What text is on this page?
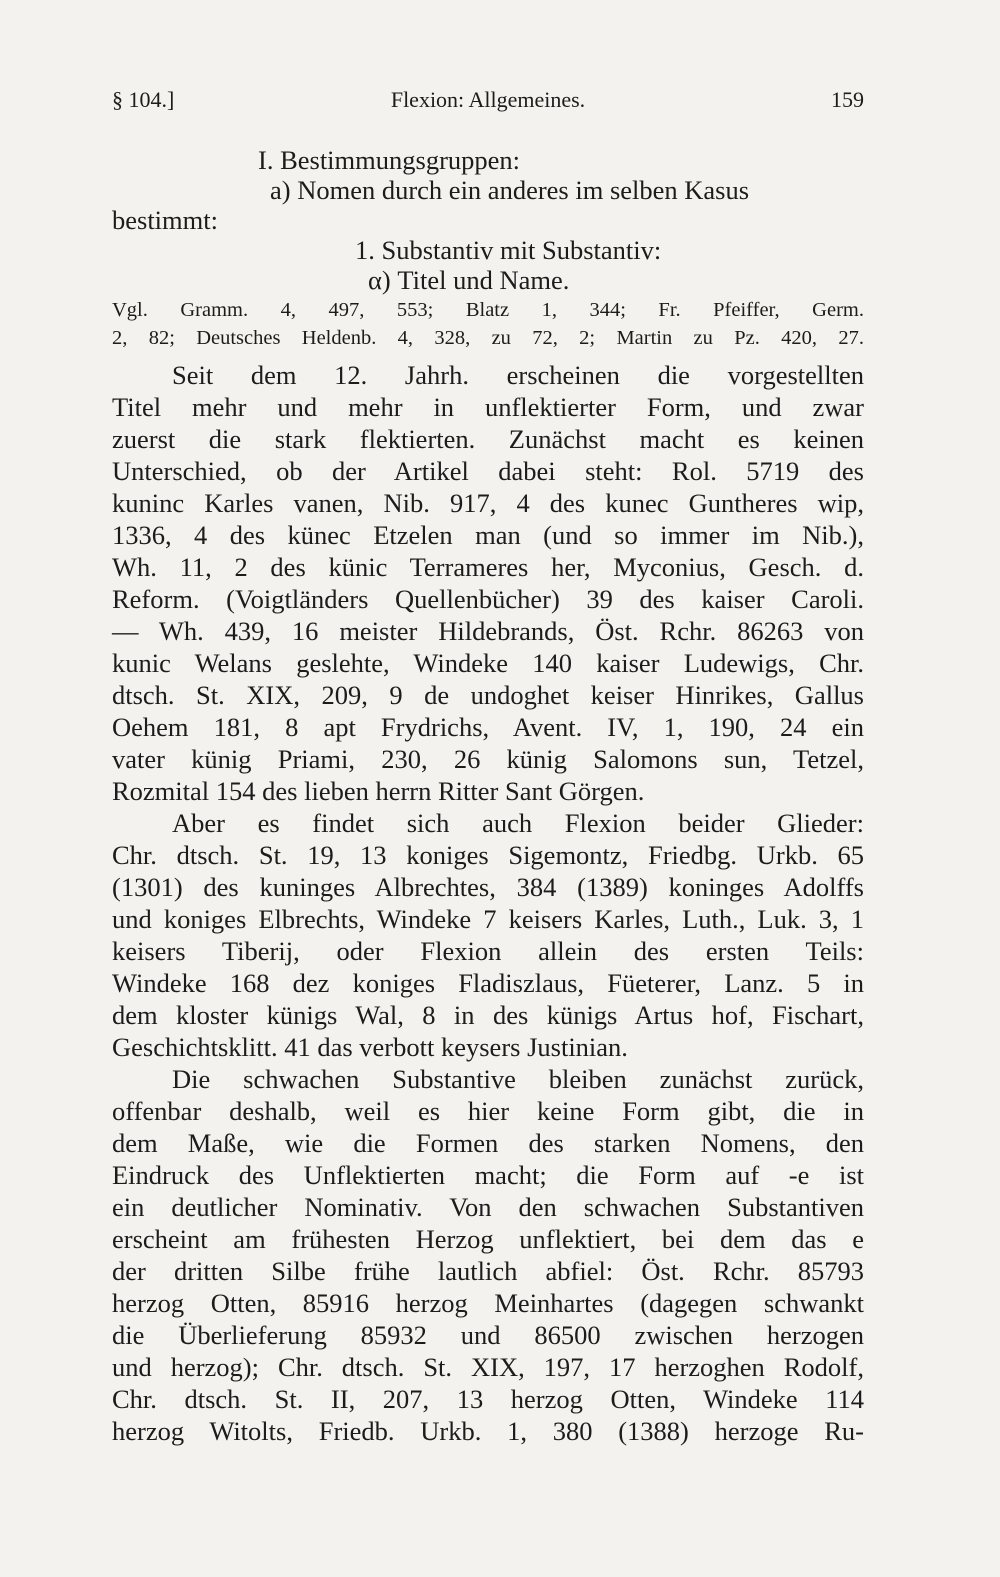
Flexion: Allgemeines.
§ 104.]	159
I. Bestimmungsgruppen:
a) Nomen durch ein anderes im selben Kasus
bestimmt:
1. Substantiv mit Substantiv:
α) Titel und Name.
Vgl. Gramm. 4, 497, 553; Blatz 1, 344; Fr. Pfeiffer, Germ.
2, 82; Deutsches Heldenb. 4, 328, zu 72, 2; Martin zu Pz. 420, 27.
Seit dem 12. Jahrh. erscheinen die vorgestellten
Titel mehr und mehr in unflektierter Form, und zwar
zuerst die stark flektierten. Zunächst macht es keinen
Unterschied, ob der Artikel dabei steht: Rol. 5719 des
kuninc Karles vanen, Nib. 917, 4 des kunec Guntheres wip,
1336, 4 des künec Etzelen man (und so immer im Nib.),
Wh. 11, 2 des künic Terrameres her, Myconius, Gesch. d.
Reform. (Voigtländers Quellenbücher) 39 des kaiser Caroli.
— Wh. 439, 16 meister Hildebrands, Öst. Rchr. 86263 von
kunic Welans geslehte, Windeke 140 kaiser Ludewigs, Chr.
dtsch. St. XIX, 209, 9 de undoghet keiser Hinrikes, Gallus
Oehem 181, 8 apt Frydrichs, Avent. IV, 1, 190, 24 ein
vater künig Priami, 230, 26 künig Salomons sun, Tetzel,
Rozmital 154 des lieben herrn Ritter Sant Görgen.
Aber es findet sich auch Flexion beider Glieder:
Chr. dtsch. St. 19, 13 koniges Sigemontz, Friedbg. Urkb. 65
(1301) des kuninges Albrechtes, 384 (1389) koninges Adolffs
und koniges Elbrechts, Windeke 7 keisers Karles, Luth., Luk. 3, 1
keisers Tiberij, oder Flexion allein des ersten Teils:
Windeke 168 dez koniges Fladiszlaus, Füeterer, Lanz. 5 in
dem kloster künigs Wal, 8 in des künigs Artus hof, Fischart,
Geschichtsklitt. 41 das verbott keysers Justinian.
Die schwachen Substantive bleiben zunächst zurück,
offenbar deshalb, weil es hier keine Form gibt, die in
dem Maße, wie die Formen des starken Nomens, den
Eindruck des Unflektierten macht; die Form auf -e ist
ein deutlicher Nominativ. Von den schwachen Substantiven
erscheint am frühesten Herzog unflektiert, bei dem das e
der dritten Silbe frühe lautlich abfiel: Öst. Rchr. 85793
herzog Otten, 85916 herzog Meinhartes (dagegen schwankt
die Überlieferung 85932 und 86500 zwischen herzogen
und herzog); Chr. dtsch. St. XIX, 197, 17 herzoghen Rodolf,
Chr. dtsch. St. II, 207, 13 herzog Otten, Windeke 114
herzog Witolts, Friedb. Urkb. 1, 380 (1388) herzoge Ru-
